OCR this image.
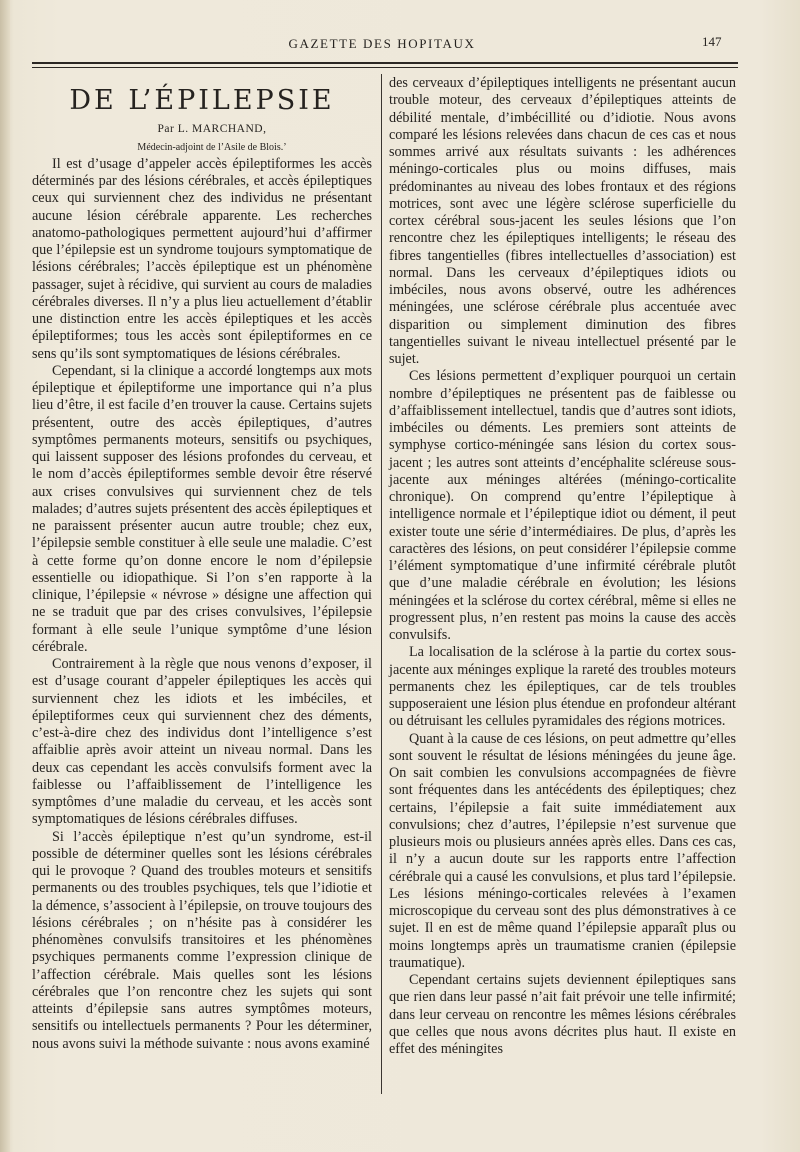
GAZETTE DES HOPITAUX	147
DE L’ÉPILEPSIE

Par L. MARCHAND,

Médecin-adjoint de l’Asile de Blois.’

Il est d’usage d’appeler accès épileptiformes les accès déterminés par des lésions cérébrales, et accès épileptiques ceux qui surviennent chez des individus ne présentant aucune lésion cérébrale apparente. Les recherches anatomo-pathologiques permettent aujourd’hui d’affirmer que l’épilepsie est un syndrome toujours symptomatique de lésions cérébrales; l’accès épileptique est un phénomène passager, sujet à récidive, qui survient au cours de maladies cérébrales diverses. Il n’y a plus lieu actuellement d’établir une distinction entre les accès épileptiques et les accès épileptiformes; tous les accès sont épileptiformes en ce sens qu’ils sont symptomatiques de lésions cérébrales.

Cependant, si la clinique a accordé longtemps aux mots épileptique et épileptiforme une importance qui n’a plus lieu d’être, il est facile d’en trouver la cause. Certains sujets présentent, outre des accès épileptiques, d’autres symptômes permanents moteurs, sensitifs ou psychiques, qui laissent supposer des lésions profondes du cerveau, et le nom d’accès épileptiformes semble devoir être réservé aux crises convulsives qui surviennent chez de tels malades; d’autres sujets présentent des accès épileptiques et ne paraissent présenter aucun autre trouble; chez eux, l’épilepsie semble constituer à elle seule une maladie. C’est à cette forme qu’on donne encore le nom d’épilepsie essentielle ou idiopathique. Si l’on s’en rapporte à la clinique, l’épilepsie « névrose » désigne une affection qui ne se traduit que par des crises convulsives, l’épilepsie formant à elle seule l’unique symptôme d’une lésion cérébrale.

Contrairement à la règle que nous venons d’exposer, il est d’usage courant d’appeler épileptiques les accès qui surviennent chez les idiots et les imbéciles, et épileptiformes ceux qui surviennent chez des déments, c’est-à-dire chez des individus dont l’intelligence s’est affaiblie après avoir atteint un niveau normal. Dans les deux cas cependant les accès convulsifs forment avec la faiblesse ou l’affaiblissement de l’intelligence les symptômes d’une maladie du cerveau, et les accès sont symptomatiques de lésions cérébrales diffuses.

Si l’accès épileptique n’est qu’un syndrome, est-il possible de déterminer quelles sont les lésions cérébrales qui le provoque ? Quand des troubles moteurs et sensitifs permanents ou des troubles psychiques, tels que l’idiotie et la démence, s’associent à l’épilepsie, on trouve toujours des lésions cérébrales ; on n’hésite pas à considérer les phénomènes convulsifs transitoires et les phénomènes psychiques permanents comme l’expression clinique de l’affection cérébrale. Mais quelles sont les lésions cérébrales que l’on rencontre chez les sujets qui sont atteints d’épilepsie sans autres symptômes moteurs, sensitifs ou intellectuels permanents ? Pour les déterminer, nous avons suivi la méthode suivante : nous avons examiné

des cerveaux d’épileptiques intelligents ne présentant aucun trouble moteur, des cerveaux d’épileptiques atteints de débilité mentale, d’imbécillité ou d’idiotie. Nous avons comparé les lésions relevées dans chacun de ces cas et nous sommes arrivé aux résultats suivants : les adhérences méningo-corticales plus ou moins diffuses, mais prédominantes au niveau des lobes frontaux et des régions motrices, sont avec une légère sclérose superficielle du cortex cérébral sous-jacent les seules lésions que l’on rencontre chez les épileptiques intelligents; le réseau des fibres tangentielles (fibres intellectuelles d’association) est normal. Dans les cerveaux d’épileptiques idiots ou imbéciles, nous avons observé, outre les adhérences méningées, une sclérose cérébrale plus accentuée avec disparition ou simplement diminution des fibres tangentielles suivant le niveau intellectuel présenté par le sujet.

Ces lésions permettent d’expliquer pourquoi un certain nombre d’épileptiques ne présentent pas de faiblesse ou d’affaiblissement intellectuel, tandis que d’autres sont idiots, imbéciles ou déments. Les premiers sont atteints de symphyse cortico-méningée sans lésion du cortex sous-jacent ; les autres sont atteints d’encéphalite scléreuse sous-jacente aux méninges altérées (méningo-corticalite chronique). On comprend qu’entre l’épileptique à intelligence normale et l’épileptique idiot ou dément, il peut exister toute une série d’intermédiaires. De plus, d’après les caractères des lésions, on peut considérer l’épilepsie comme l’élément symptomatique d’une infirmité cérébrale plutôt que d’une maladie cérébrale en évolution; les lésions méningées et la sclérose du cortex cérébral, même si elles ne progressent plus, n’en restent pas moins la cause des accès convulsifs.

La localisation de la sclérose à la partie du cortex sous-jacente aux méninges explique la rareté des troubles moteurs permanents chez les épileptiques, car de tels troubles supposeraient une lésion plus étendue en profondeur altérant ou détruisant les cellules pyramidales des régions motrices.

Quant à la cause de ces lésions, on peut admettre qu’elles sont souvent le résultat de lésions méningées du jeune âge. On sait combien les convulsions accompagnées de fièvre sont fréquentes dans les antécédents des épileptiques; chez certains, l’épilepsie a fait suite immédiatement aux convulsions; chez d’autres, l’épilepsie n’est survenue que plusieurs mois ou plusieurs années après elles. Dans ces cas, il n’y a aucun doute sur les rapports entre l’affection cérébrale qui a causé les convulsions, et plus tard l’épilepsie. Les lésions méningo-corticales relevées à l’examen microscopique du cerveau sont des plus démonstratives à ce sujet. Il en est de même quand l’épilepsie apparaît plus ou moins longtemps après un traumatisme cranien (épilepsie traumatique).

Cependant certains sujets deviennent épileptiques sans que rien dans leur passé n’ait fait prévoir une telle infirmité; dans leur cerveau on rencontre les mêmes lésions cérébrales que celles que nous avons décrites plus haut. Il existe en effet des méningites
